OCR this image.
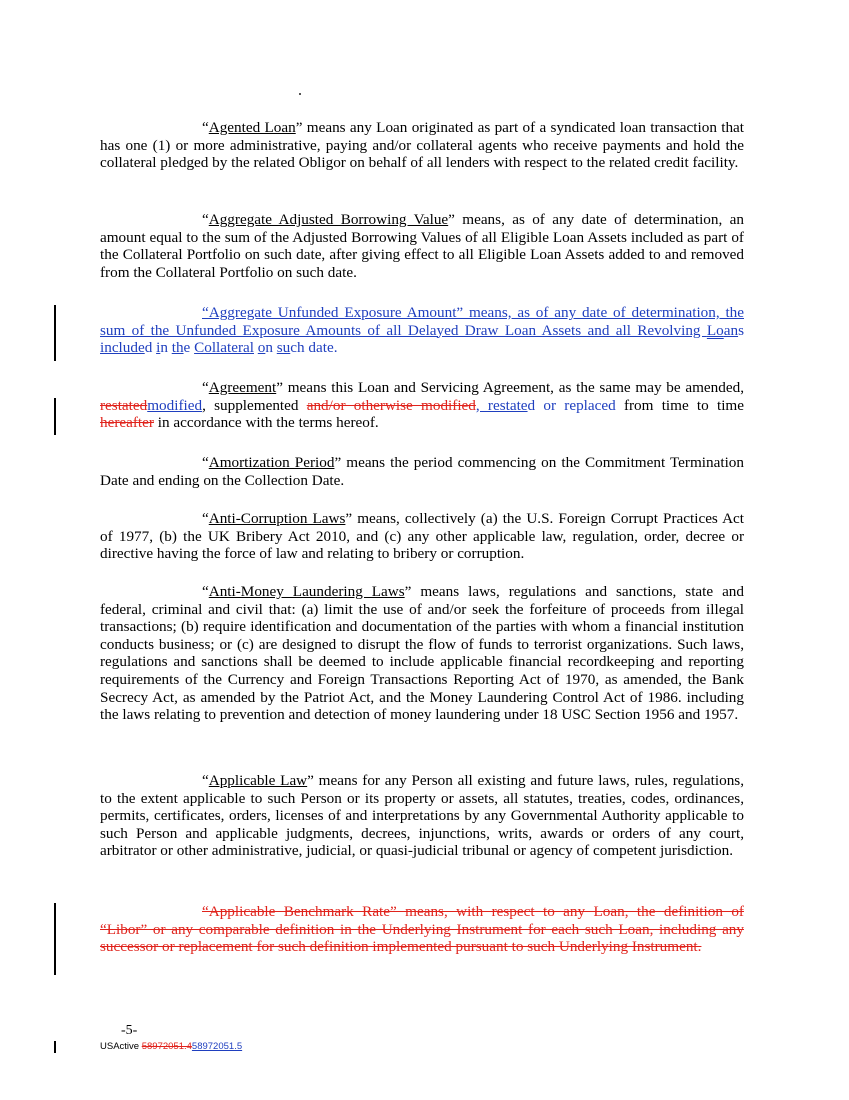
“Agented Loan” means any Loan originated as part of a syndicated loan transaction that has one (1) or more administrative, paying and/or collateral agents who receive payments and hold the collateral pledged by the related Obligor on behalf of all lenders with respect to the related credit facility.

“Aggregate Adjusted Borrowing Value” means, as of any date of determination, an amount equal to the sum of the Adjusted Borrowing Values of all Eligible Loan Assets included as part of the Collateral Portfolio on such date, after giving effect to all Eligible Loan Assets added to and removed from the Collateral Portfolio on such date.

“Aggregate Unfunded Exposure Amount” means, as of any date of determination, the sum of the Unfunded Exposure Amounts of all Delayed Draw Loan Assets and all Revolving Loans included in the Collateral on such date.

“Agreement” means this Loan and Servicing Agreement, as the same may be amended, restatedmodified, supplemented and/or otherwise modified, restated or replaced from time to time hereafter in accordance with the terms hereof.

“Amortization Period” means the period commencing on the Commitment Termination Date and ending on the Collection Date.

“Anti-Corruption Laws” means, collectively (a) the U.S. Foreign Corrupt Practices Act of 1977, (b) the UK Bribery Act 2010, and (c) any other applicable law, regulation, order, decree or directive having the force of law and relating to bribery or corruption.

“Anti-Money Laundering Laws” means laws, regulations and sanctions, state and federal, criminal and civil that: (a) limit the use of and/or seek the forfeiture of proceeds from illegal transactions; (b) require identification and documentation of the parties with whom a financial institution conducts business; or (c) are designed to disrupt the flow of funds to terrorist organizations. Such laws, regulations and sanctions shall be deemed to include applicable financial recordkeeping and reporting requirements of the Currency and Foreign Transactions Reporting Act of 1970, as amended, the Bank Secrecy Act, as amended by the Patriot Act, and the Money Laundering Control Act of 1986. including the laws relating to prevention and detection of money laundering under 18 USC Section 1956 and 1957.

“Applicable Law” means for any Person all existing and future laws, rules, regulations, to the extent applicable to such Person or its property or assets, all statutes, treaties, codes, ordinances, permits, certificates, orders, licenses of and interpretations by any Governmental Authority applicable to such Person and applicable judgments, decrees, injunctions, writs, awards or orders of any court, arbitrator or other administrative, judicial, or quasi-judicial tribunal or agency of competent jurisdiction.

“Applicable Benchmark Rate” means, with respect to any Loan, the definition of “Libor” or any comparable definition in the Underlying Instrument for each such Loan, including any successor or replacement for such definition implemented pursuant to such Underlying Instrument.

-5-
USActive 58972051.458972051.5
